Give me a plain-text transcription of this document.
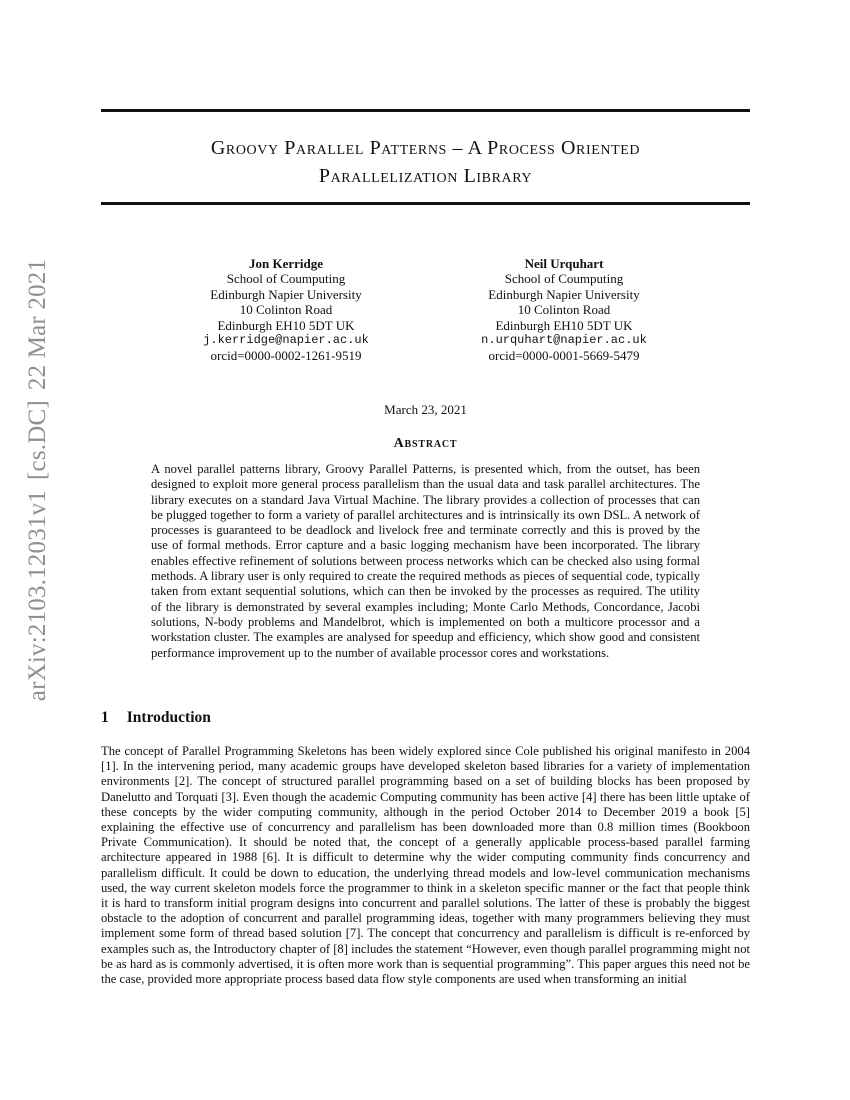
arXiv:2103.12031v1[cs.DC]22 Mar 2021
Groovy Parallel Patterns – A Process Oriented
Parallelization Library
Jon Kerridge
School of Coumputing
Edinburgh Napier University
10 Colinton Road
Edinburgh EH10 5DT UK
j.kerridge@napier.ac.uk
orcid=0000-0002-1261-9519
Neil Urquhart
School of Coumputing
Edinburgh Napier University
10 Colinton Road
Edinburgh EH10 5DT UK
n.urquhart@napier.ac.uk
orcid=0000-0001-5669-5479
March 23, 2021
Abstract

A novel parallel patterns library, Groovy Parallel Patterns, is presented which, from the outset, has been designed to exploit more general process parallelism than the usual data and task parallel architectures. The library executes on a standard Java Virtual Machine. The library provides a collection of processes that can be plugged together to form a variety of parallel architectures and is intrinsically its own DSL. A network of processes is guaranteed to be deadlock and livelock free and terminate correctly and this is proved by the use of formal methods. Error capture and a basic logging mechanism have been incorporated. The library enables effective refinement of solutions between process networks which can be checked also using formal methods. A library user is only required to create the required methods as pieces of sequential code, typically taken from extant sequential solutions, which can then be invoked by the processes as required. The utility of the library is demonstrated by several examples including; Monte Carlo Methods, Concordance, Jacobi solutions, N-body problems and Mandelbrot, which is implemented on both a multicore processor and a workstation cluster. The examples are analysed for speedup and efficiency, which show good and consistent performance improvement up to the number of available processor cores and workstations.

1 Introduction

The concept of Parallel Programming Skeletons has been widely explored since Cole published his original manifesto in 2004 [1]. In the intervening period, many academic groups have developed skeleton based libraries for a variety of implementation environments [2]. The concept of structured parallel programming based on a set of building blocks has been proposed by Danelutto and Torquati [3]. Even though the academic Computing community has been active [4] there has been little uptake of these concepts by the wider computing community, although in the period October 2014 to December 2019 a book [5] explaining the effective use of concurrency and parallelism has been downloaded more than 0.8 million times (Bookboon Private Communication). It should be noted that, the concept of a generally applicable process-based parallel farming architecture appeared in 1988 [6]. It is difficult to determine why the wider computing community finds concurrency and parallelism difficult. It could be down to education, the underlying thread models and low-level communication mechanisms used, the way current skeleton models force the programmer to think in a skeleton specific manner or the fact that people think it is hard to transform initial program designs into concurrent and parallel solutions. The latter of these is probably the biggest obstacle to the adoption of concurrent and parallel programming ideas, together with many programmers believing they must implement some form of thread based solution [7]. The concept that concurrency and parallelism is difficult is re-enforced by examples such as, the Introductory chapter of [8] includes the statement “However, even though parallel programming might not be as hard as is commonly advertised, it is often more work than is sequential programming”. This paper argues this need not be the case, provided more appropriate process based data flow style components are used when transforming an initial
